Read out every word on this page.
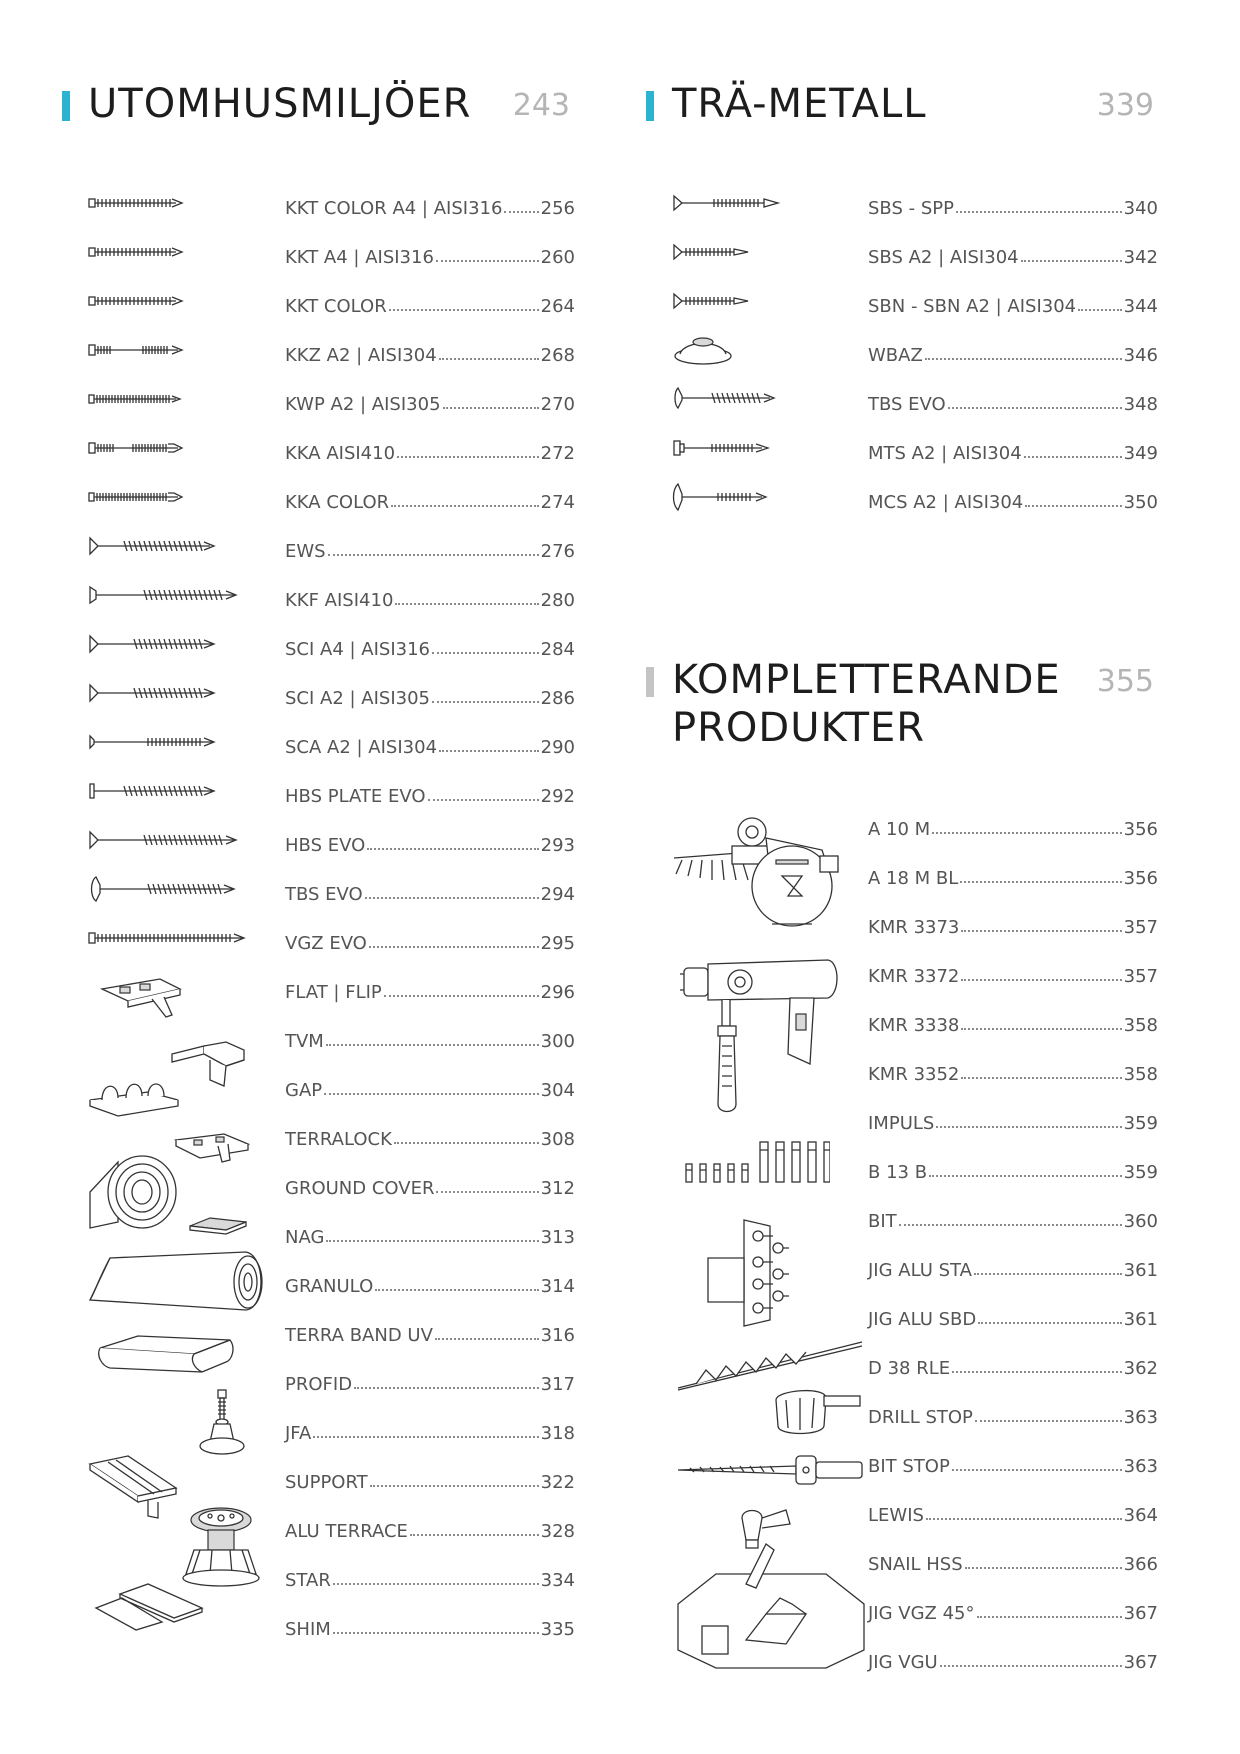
UTOMHUSMILJÖER	243
KKT COLOR A4 | AISI316 256
KKT A4 | AISI316	260
KKT COLOR	264
KKZ A2 | AISI304	268
KWP A2 | AISI305	270
KKA AISI410	272
KKA COLOR	274
EWS	276
KKF AISI410	280
SCI A4 | AISI316	284
SCI A2 | AISI305	286
SCA A2 | AISI304	290
HBS PLATE EVO	292
HBS EVO	293
TBS EVO	294
VGZ EVO	295
FLAT | FLIP	296
TVM	300
GAP	304
TERRALOCK	308
GROUND COVER	312
NAG	313
GRANULO	314
TERRA BAND UV	316
PROFID	317
JFA	318
SUPPORT	322
ALU TERRACE	328
STAR	334
SHIM	335
TRÄ-METALL	339
SBS - SPP	340
SBS A2 | AISI304	342
SBN - SBN A2 | AISI304	344
WBAZ	346
TBS EVO	348
MTS A2 | AISI304	349
MCS A2 | AISI304	350
KOMPLETTERANDE
PRODUKTER
355
A 10 M	356
A 18 M BL	356
KMR 3373	357
KMR 3372	357
KMR 3338	358
KMR 3352	358
IMPULS	359
B 13 B	359
BIT	360
JIG ALU STA	361
JIG ALU SBD	361
D 38 RLE	362
DRILL STOP	363
BIT STOP	363
LEWIS	364
SNAIL HSS	366
JIG VGZ 45°	367
JIG VGU	367
